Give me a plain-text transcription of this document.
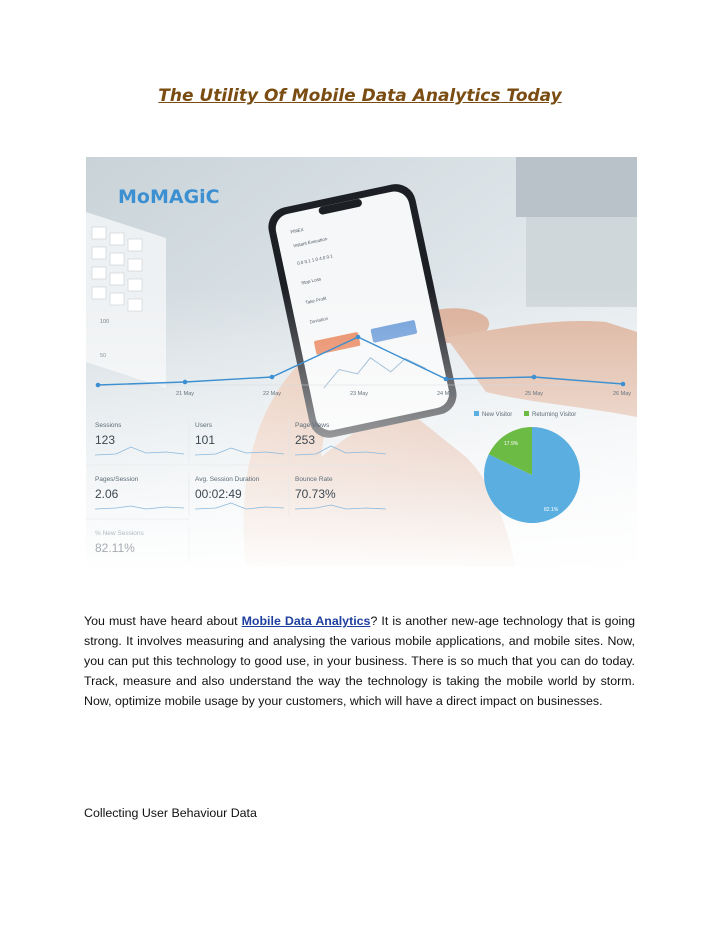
The Utility Of Mobile Data Analytics Today
FINEX
Instant Execution
0.0 0.1 1.0 4.0 0.1
Stop Loss
MoMAGiC
21 May	22 May	23 May	24 May	25 May	26 May
Sessions
123
Users
101
Page Views
253
Pages/Session
2.06
Avg. Session Duration
00:02:49
Bounce Rate
70.73%
% New Sessions
82.11%
New Visitor	Returning Visitor
17.9%
82.1%
You must have heard about Mobile Data Analytics? It is another new-age technology that is going strong. It involves measuring and analysing the various mobile applications, and mobile sites. Now, you can put this technology to good use, in your business. There is so much that you can do today. Track, measure and also understand the way the technology is taking the mobile world by storm. Now, optimize mobile usage by your customers, which will have a direct impact on businesses.
Collecting User Behaviour Data
